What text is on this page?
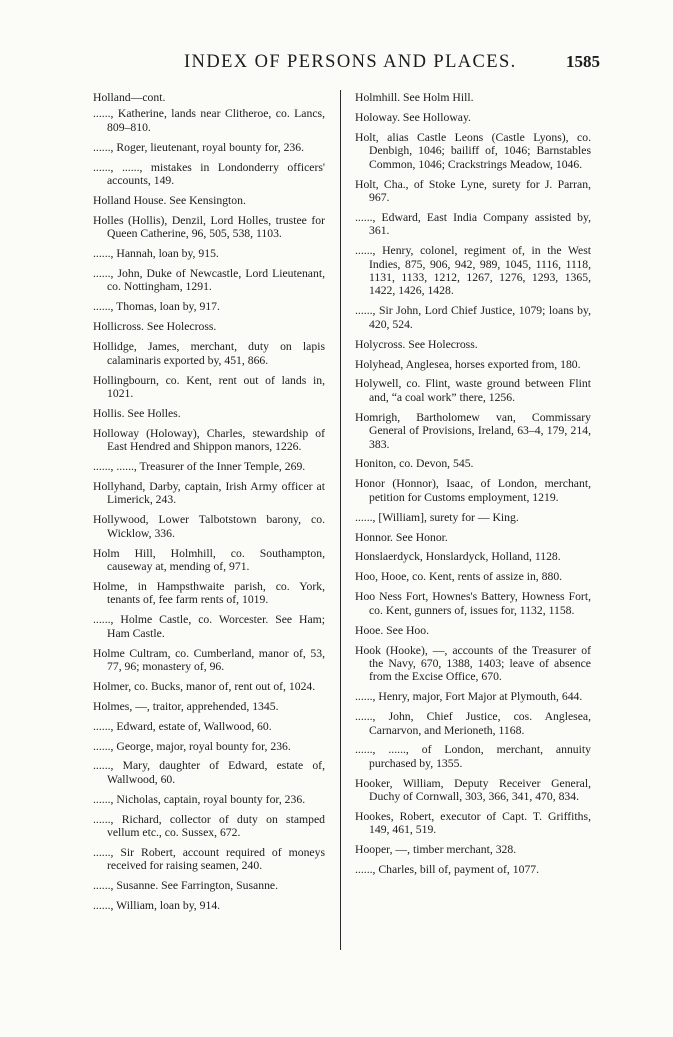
INDEX OF PERSONS AND PLACES.	1585

Holland—cont.

......, Katherine, lands near Clitheroe, co. Lancs, 809–810.

......, Roger, lieutenant, royal bounty for, 236.

......, ......, mistakes in Londonderry officers' accounts, 149.

Holland House. See Kensington.

Holles (Hollis), Denzil, Lord Holles, trustee for Queen Catherine, 96, 505, 538, 1103.

......, Hannah, loan by, 915.

......, John, Duke of Newcastle, Lord Lieutenant, co. Nottingham, 1291.

......, Thomas, loan by, 917.

Hollicross. See Holecross.

Hollidge, James, merchant, duty on lapis calaminaris exported by, 451, 866.

Hollingbourn, co. Kent, rent out of lands in, 1021.

Hollis. See Holles.

Holloway (Holoway), Charles, stewardship of East Hendred and Shippon manors, 1226.

......, ......, Treasurer of the Inner Temple, 269.

Hollyhand, Darby, captain, Irish Army officer at Limerick, 243.

Hollywood, Lower Talbotstown barony, co. Wicklow, 336.

Holm Hill, Holmhill, co. Southampton, causeway at, mending of, 971.

Holme, in Hampsthwaite parish, co. York, tenants of, fee farm rents of, 1019.

......, Holme Castle, co. Worcester. See Ham; Ham Castle.

Holme Cultram, co. Cumberland, manor of, 53, 77, 96; monastery of, 96.

Holmer, co. Bucks, manor of, rent out of, 1024.

Holmes, —, traitor, apprehended, 1345.

......, Edward, estate of, Wallwood, 60.

......, George, major, royal bounty for, 236.

......, Mary, daughter of Edward, estate of, Wallwood, 60.

......, Nicholas, captain, royal bounty for, 236.

......, Richard, collector of duty on stamped vellum etc., co. Sussex, 672.

......, Sir Robert, account required of moneys received for raising seamen, 240.

......, Susanne. See Farrington, Susanne.

......, William, loan by, 914.

Holmhill. See Holm Hill.

Holoway. See Holloway.

Holt, alias Castle Leons (Castle Lyons), co. Denbigh, 1046; bailiff of, 1046; Barnstables Common, 1046; Crackstrings Meadow, 1046.

Holt, Cha., of Stoke Lyne, surety for J. Parran, 967.

......, Edward, East India Company assisted by, 361.

......, Henry, colonel, regiment of, in the West Indies, 875, 906, 942, 989, 1045, 1116, 1118, 1131, 1133, 1212, 1267, 1276, 1293, 1365, 1422, 1426, 1428.

......, Sir John, Lord Chief Justice, 1079; loans by, 420, 524.

Holycross. See Holecross.

Holyhead, Anglesea, horses exported from, 180.

Holywell, co. Flint, waste ground between Flint and, “a coal work” there, 1256.

Homrigh, Bartholomew van, Commissary General of Provisions, Ireland, 63–4, 179, 214, 383.

Honiton, co. Devon, 545.

Honor (Honnor), Isaac, of London, merchant, petition for Customs employment, 1219.

......, [William], surety for — King.

Honnor. See Honor.

Honslaerdyck, Honslardyck, Holland, 1128.

Hoo, Hooe, co. Kent, rents of assize in, 880.

Hoo Ness Fort, Hownes's Battery, Howness Fort, co. Kent, gunners of, issues for, 1132, 1158.

Hooe. See Hoo.

Hook (Hooke), —, accounts of the Treasurer of the Navy, 670, 1388, 1403; leave of absence from the Excise Office, 670.

......, Henry, major, Fort Major at Plymouth, 644.

......, John, Chief Justice, cos. Anglesea, Carnarvon, and Merioneth, 1168.

......, ......, of London, merchant, annuity purchased by, 1355.

Hooker, William, Deputy Receiver General, Duchy of Cornwall, 303, 366, 341, 470, 834.

Hookes, Robert, executor of Capt. T. Griffiths, 149, 461, 519.

Hooper, —, timber merchant, 328.

......, Charles, bill of, payment of, 1077.
